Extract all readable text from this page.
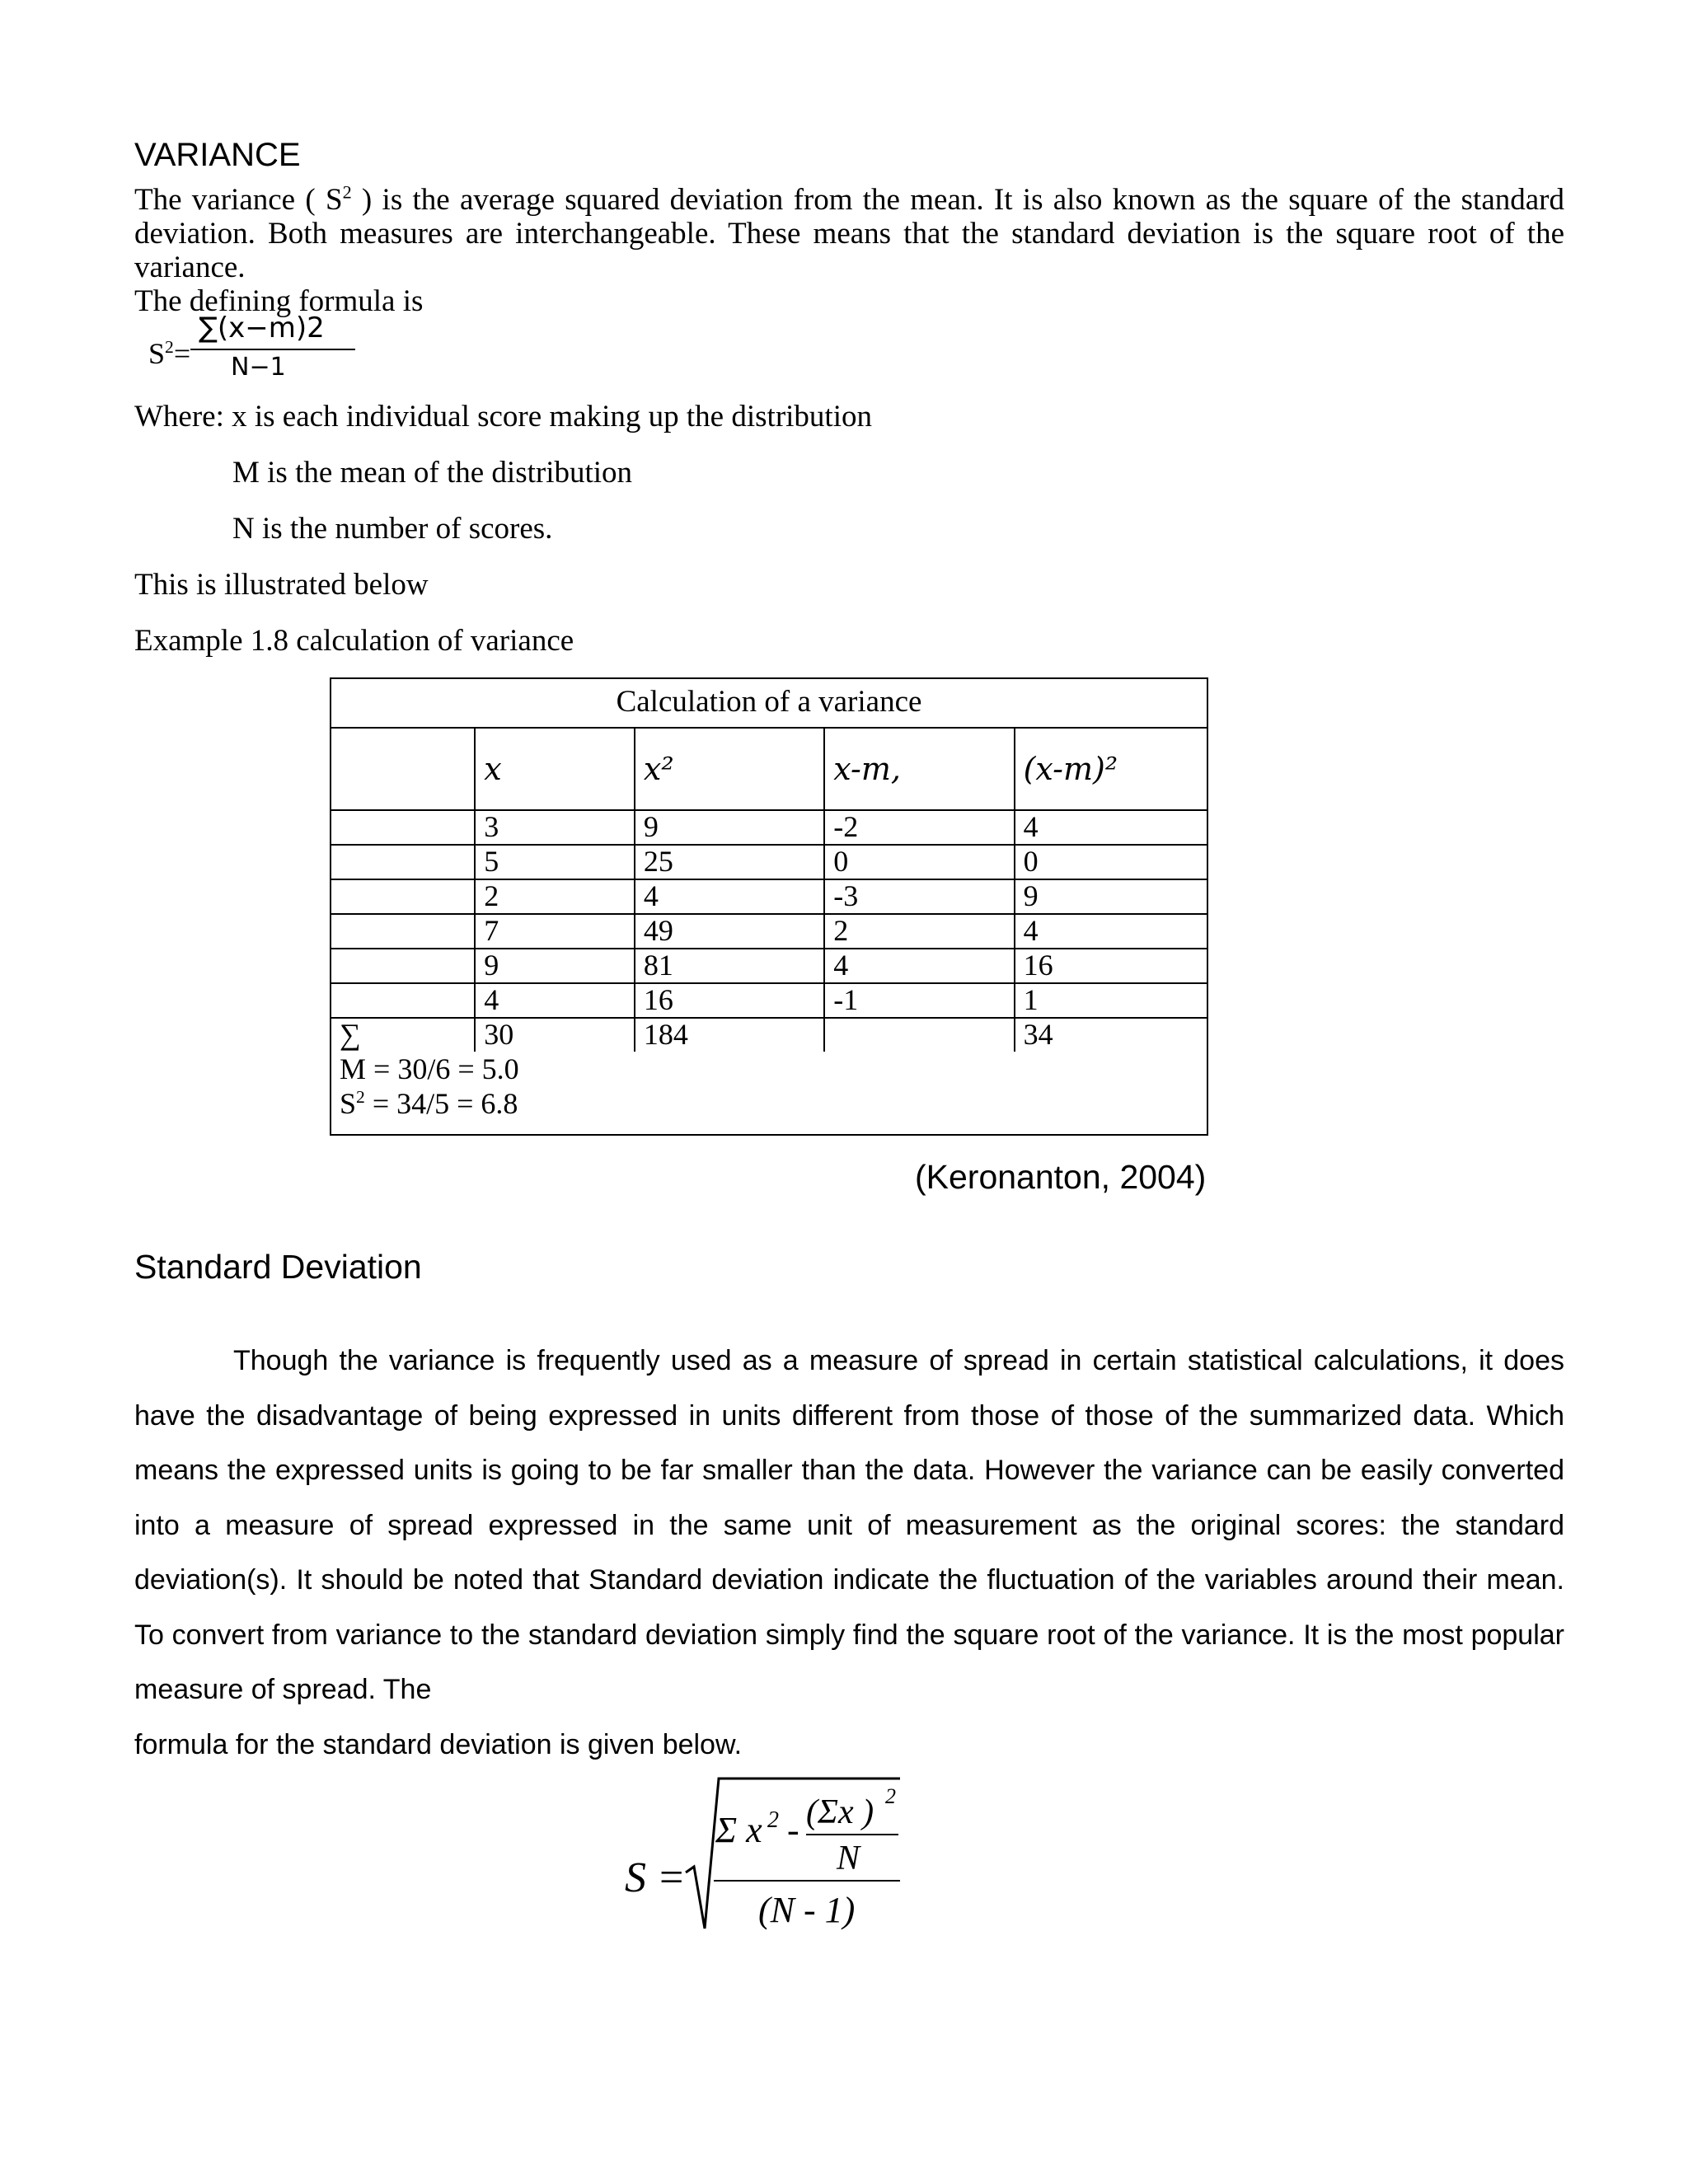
VARIANCE
The variance ( $S^2$ ) is the average squared deviation from the mean. It is also known as the square of the standard deviation. Both measures are interchangeable. These means that the standard deviation is the square root of the variance.
The defining formula is
$S^2=$
∑(x−m)2
N−1
Where: x is each individual score making up the distribution
M is the mean of the distribution
N is the number of scores.
This is illustrated below
Example 1.8 calculation of variance
Calculation of a variance
	x	x²	x-m,	(x-m)²
	3	9	-2	4
	5	25	0	0
	2	4	-3	9
	7	49	2	4
	9	81	4	16
	4	16	-1	1
∑	30	184		34

M = 30/6 = 5.0
$S^2 = 34/5 = 6.8$				
(Keronanton, 2004)
Standard Deviation
Though the variance is frequently used as a measure of spread in certain statistical calculations, it does have the disadvantage of being expressed in units different from those of those of the summarized data. Which means the expressed units is going to be far smaller than the data. However the variance can be easily converted into a measure of spread expressed in the same unit of measurement as the original scores: the standard deviation(s). It should be noted that Standard deviation indicate the fluctuation of the variables around their mean. To convert from variance to the standard deviation simply find the square root of the variance. It is the most popular measure of spread. The
formula for the standard deviation is given below.
S =
Σ x 2 - (Σx ) 2
N
(N - 1)
